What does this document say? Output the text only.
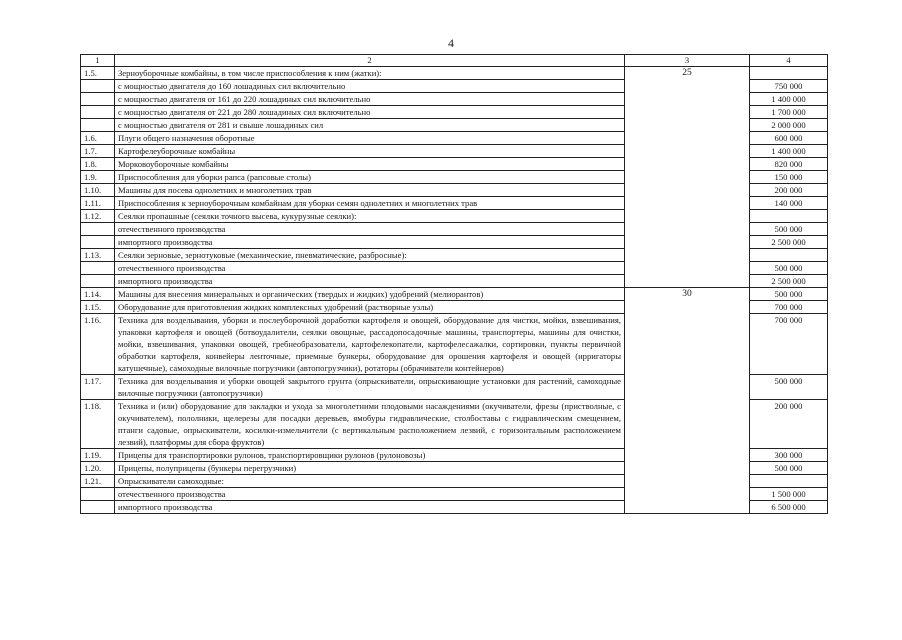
4
1	2	3	4
1.5.	Зерноуборочные комбайны, в том числе приспособления к ним (жатки):	25	
	с мощностью двигателя до 160 лошадиных сил включительно		750 000
	с мощностью двигателя от 161 до 220 лошадиных сил включительно		1 400 000
	с мощностью двигателя от 221 до 280 лошадиных сил включительно		1 700 000
	с мощностью двигателя от 281 и свыше лошадиных сил		2 000 000
1.6.	Плуги общего назначения оборотные		600 000
1.7.	Картофелеуборочные комбайны		1 400 000
1.8.	Морковоуборочные комбайны		820 000
1.9.	Приспособления для уборки рапса (рапсовые столы)		150 000
1.10.	Машины для посева однолетних и многолетних трав		200 000
1.11.	Приспособления к зерноуборочным комбайнам для уборки семян однолетних и многолетних трав		140 000
1.12.	Сеялки пропашные (сеялки точного высева, кукурузные сеялки):		
	отечественного производства		500 000
	импортного производства		2 500 000
1.13.	Сеялки зерновые, зернотуковые (механические, пневматические, разбросные):		
	отечественного производства		500 000
	импортного производства		2 500 000
1.14.	Машины для внесения минеральных и органических (твердых и жидких) удобрений (мелиорантов)	30	500 000
1.15.	Оборудование для приготовления жидких комплексных удобрений (растворные узлы)		700 000
1.16.	Техника для возделывания, уборки и послеуборочной доработки картофеля и овощей, оборудование для чистки, мойки, взвешивания, упаковки картофеля и овощей (ботвоудалители, сеялки овощные, рассадопосадочные машины, транспортеры, машины для очистки, мойки, взвешивания, упаковки овощей, гребнеобразователи, картофелекопатели, картофелесажалки, сортировки, пункты первичной обработки картофеля, конвейеры ленточные, приемные бункеры, оборудование для орошения картофеля и овощей (ирригаторы катушечные), самоходные вилочные погрузчики (автопогрузчики), ротаторы (обрачиватели контейнеров)		700 000
1.17.	Техника для возделывания и уборки овощей закрытого грунта (опрыскиватели, опрыскивающие установки для растений, самоходные вилочные погрузчики (автопогрузчики)		500 000
1.18.	Техника и (или) оборудование для закладки и ухода за многолетними плодовыми насаждениями (окучиватели, фрезы (пристволные, с окучивателем), пололники, щелерезы для посадки деревьев, ямобуры гидравлические, столбоставы с гидравлическим смещением, птанги садовые, опрыскиватели, косилки-измельчители (с вертикальным расположением лезвий, с горизонтальным расположением лезвий), платформы для сбора фруктов)		200 000
1.19.	Прицепы для транспортировки рулонов, транспортировщики рулонов (рулоновозы)		300 000
1.20.	Прицепы, полуприцепы (бункеры перегрузчики)		500 000
1.21.	Опрыскиватели самоходные:		
	отечественного производства		1 500 000
	импортного производства		6 500 000
